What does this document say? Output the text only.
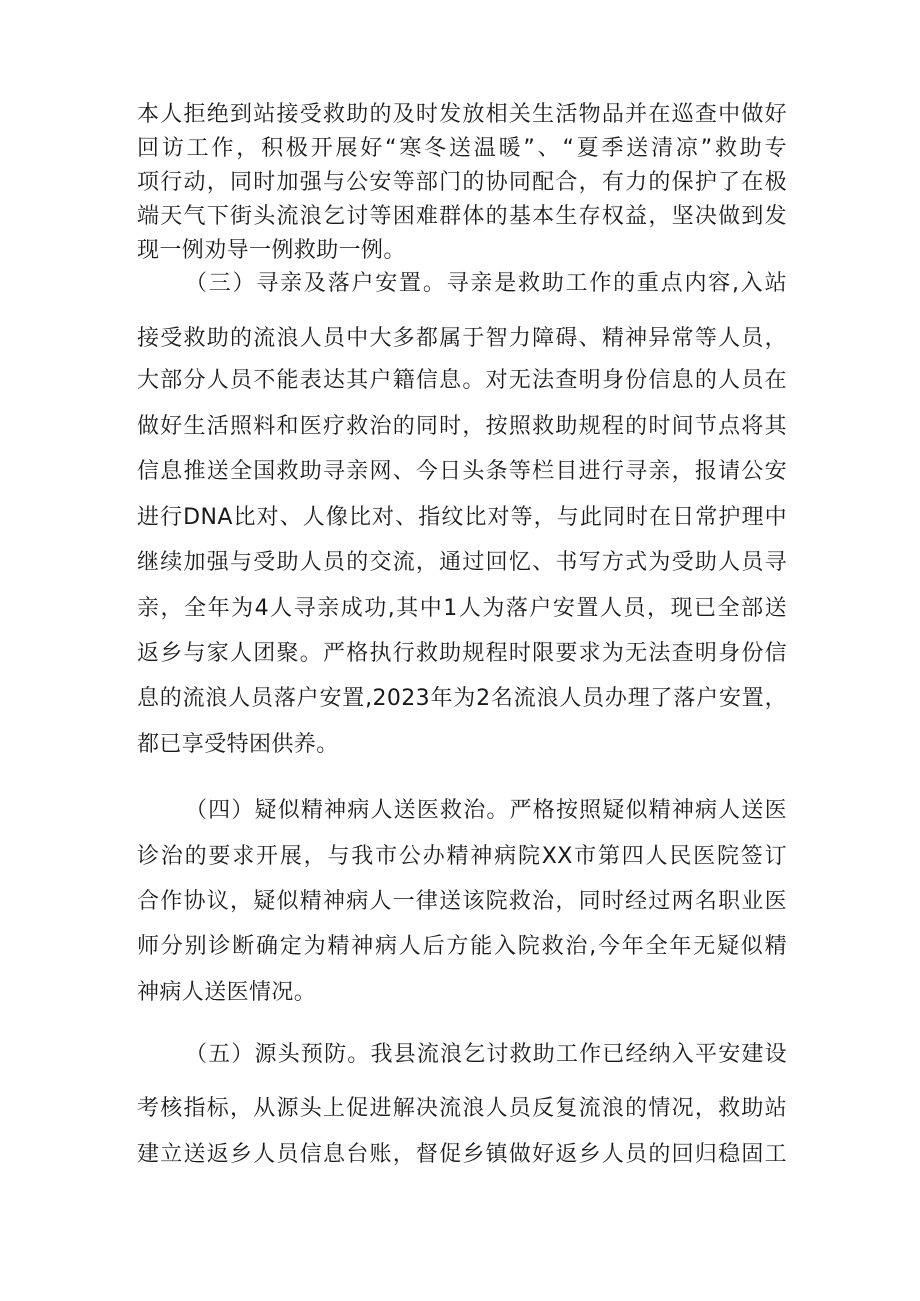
本人拒绝到站接受救助的及时发放相关生活物品并在巡查中做好
回访工作，积极开展好“寒冬送温暖”、“夏季送清凉”救助专
项行动，同时加强与公安等部门的协同配合，有力的保护了在极
端天气下街头流浪乞讨等困难群体的基本生存权益，坚决做到发
现一例劝导一例救助一例。
（三）寻亲及落户安置。寻亲是救助工作的重点内容,入站
接受救助的流浪人员中大多都属于智力障碍、精神异常等人员，
大部分人员不能表达其户籍信息。对无法查明身份信息的人员在
做好生活照料和医疗救治的同时，按照救助规程的时间节点将其
信息推送全国救助寻亲网、今日头条等栏目进行寻亲，报请公安
进行DNA比对、人像比对、指纹比对等，与此同时在日常护理中
继续加强与受助人员的交流，通过回忆、书写方式为受助人员寻
亲，全年为4人寻亲成功,其中1人为落户安置人员，现已全部送
返乡与家人团聚。严格执行救助规程时限要求为无法查明身份信
息的流浪人员落户安置,2023年为2名流浪人员办理了落户安置，
都已享受特困供养。
（四）疑似精神病人送医救治。严格按照疑似精神病人送医
诊治的要求开展，与我市公办精神病院XX市第四人民医院签订
合作协议，疑似精神病人一律送该院救治，同时经过两名职业医
师分别诊断确定为精神病人后方能入院救治,今年全年无疑似精
神病人送医情况。
（五）源头预防。我县流浪乞讨救助工作已经纳入平安建设
考核指标，从源头上促进解决流浪人员反复流浪的情况，救助站
建立送返乡人员信息台账，督促乡镇做好返乡人员的回归稳固工
